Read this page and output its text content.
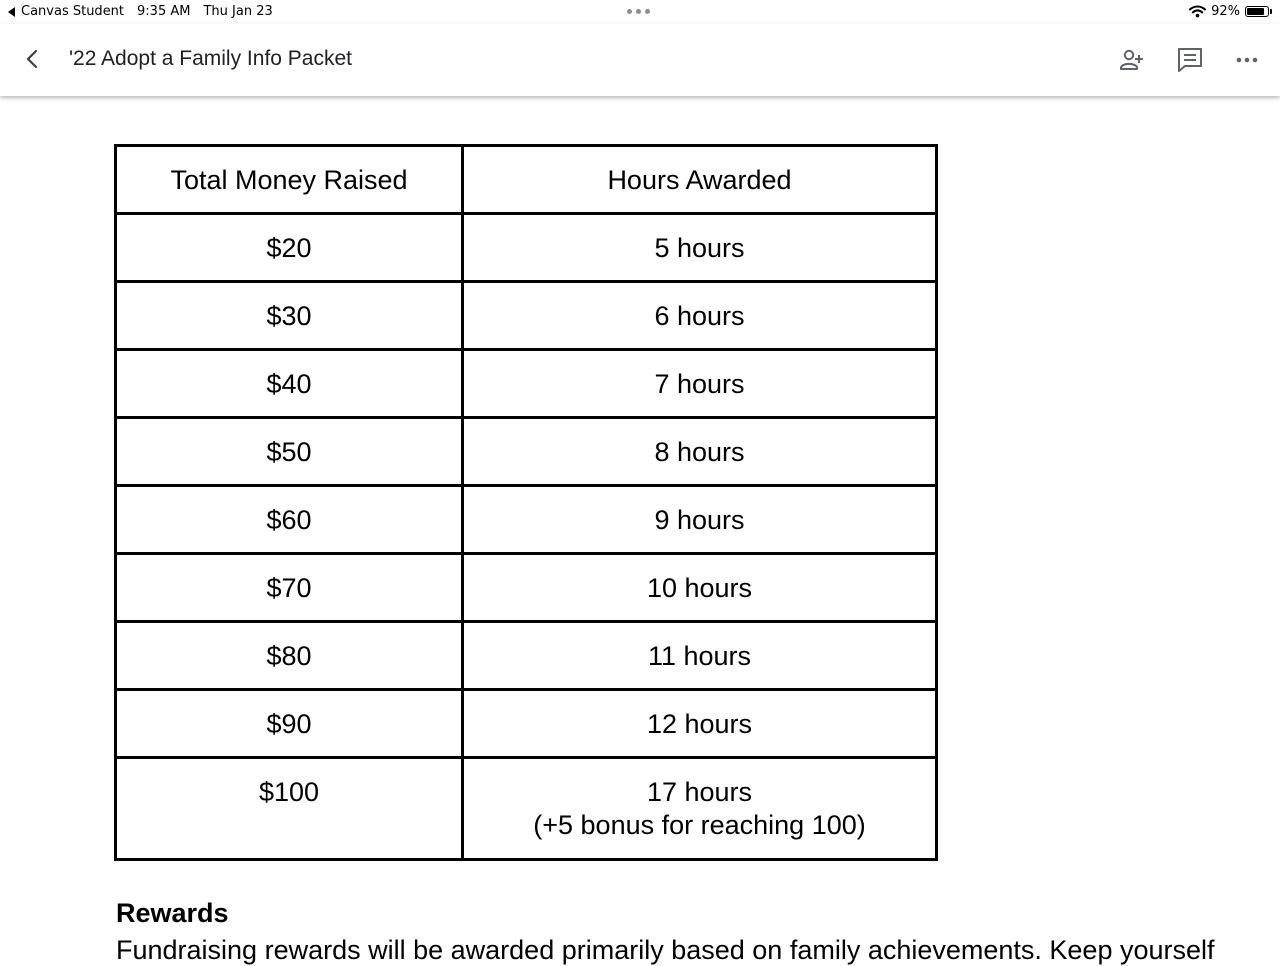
Total Money Raised	Hours Awarded
$20	5 hours
$30	6 hours
$40	7 hours
$50	8 hours
$60	9 hours
$70	10 hours
$80	11 hours
$90	12 hours
$100	17 hours
(+5 bonus for reaching 100)
Rewards
Fundraising rewards will be awarded primarily based on family achievements. Keep yourself
'22 Adopt a Family Info Packet
Canvas Student 9:35 AM Thu Jan 23	92%
